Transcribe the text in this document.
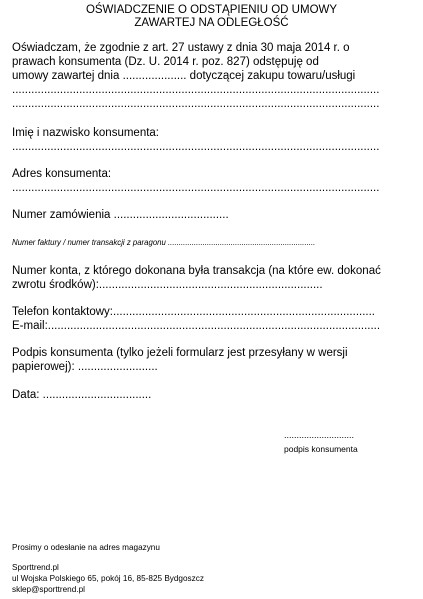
OŚWIADCZENIE O ODSTĄPIENIU OD UMOWY
ZAWARTEJ NA ODLEGŁOŚĆ
Oświadczam, że zgodnie z art. 27 ustawy z dnia 30 maja 2014 r. o
prawach konsumenta (Dz. U. 2014 r. poz. 827) odstępuję od
umowy zawartej dnia .................... dotyczącej zakupu towaru/usługi
...................................................................................................................
...................................................................................................................
Imię i nazwisko konsumenta:
...................................................................................................................
Adres konsumenta:
...................................................................................................................
Numer zamówienia ....................................
Numer faktury / numer transakcji z paragonu ....................................................................
Numer konta, z którego dokonana była transakcja (na które ew. dokonać
zwrotu środków):......................................................................
Telefon kontaktowy:..................................................................................
E-mail:........................................................................................................
Podpis konsumenta (tylko jeżeli formularz jest przesyłany w wersji
papierowej): .........................
Data: ..................................
............................
podpis konsumenta
Prosimy o odesłanie na adres magazynu
Sporttrend.pl
ul Wojska Polskiego 65, pokój 16, 85-825 Bydgoszcz
sklep@sporttrend.pl
